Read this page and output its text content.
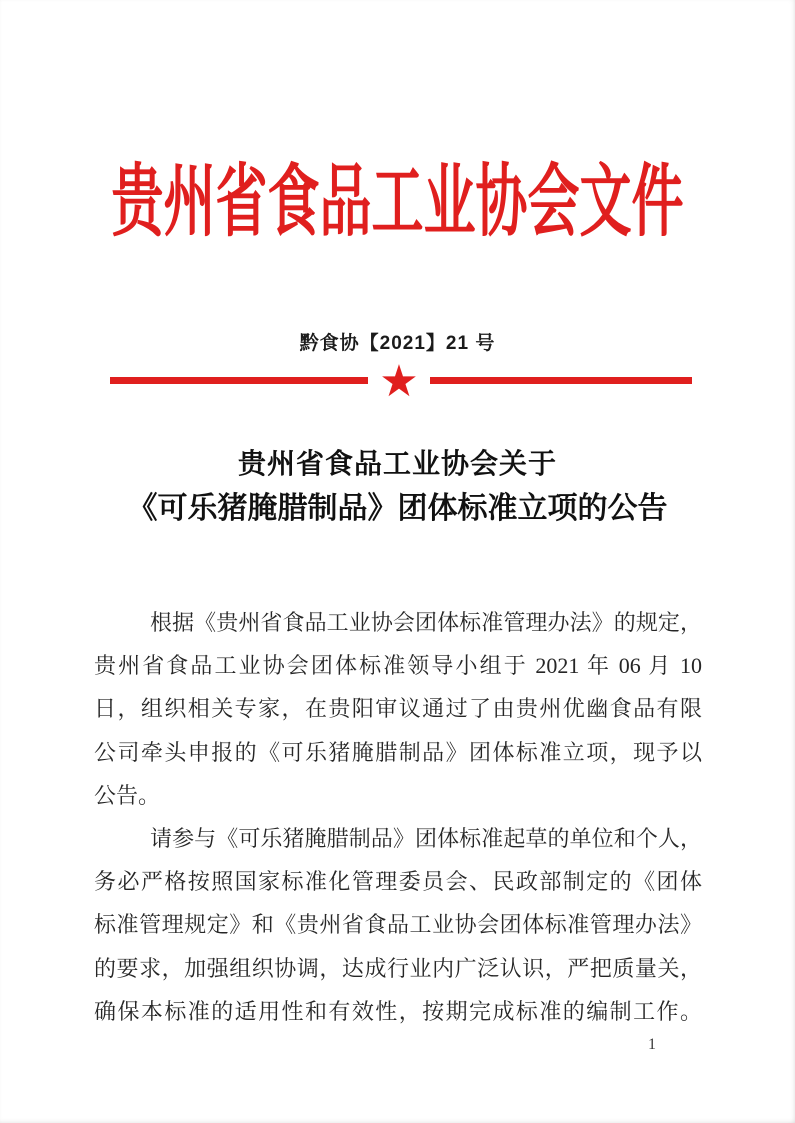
贵州省食品工业协会文件
黔食协【2021】21 号
★
贵州省食品工业协会关于
《可乐猪腌腊制品》团体标准立项的公告
根据《贵州省食品工业协会团体标准管理办法》的规定，
贵州省食品工业协会团体标准领导小组于 2021 年 06 月 10
日，组织相关专家，在贵阳审议通过了由贵州优幽食品有限
公司牵头申报的《可乐猪腌腊制品》团体标准立项，现予以
公告。
请参与《可乐猪腌腊制品》团体标准起草的单位和个人，
务必严格按照国家标准化管理委员会、民政部制定的《团体
标准管理规定》和《贵州省食品工业协会团体标准管理办法》
的要求，加强组织协调，达成行业内广泛认识，严把质量关，
确保本标准的适用性和有效性，按期完成标准的编制工作。
1
